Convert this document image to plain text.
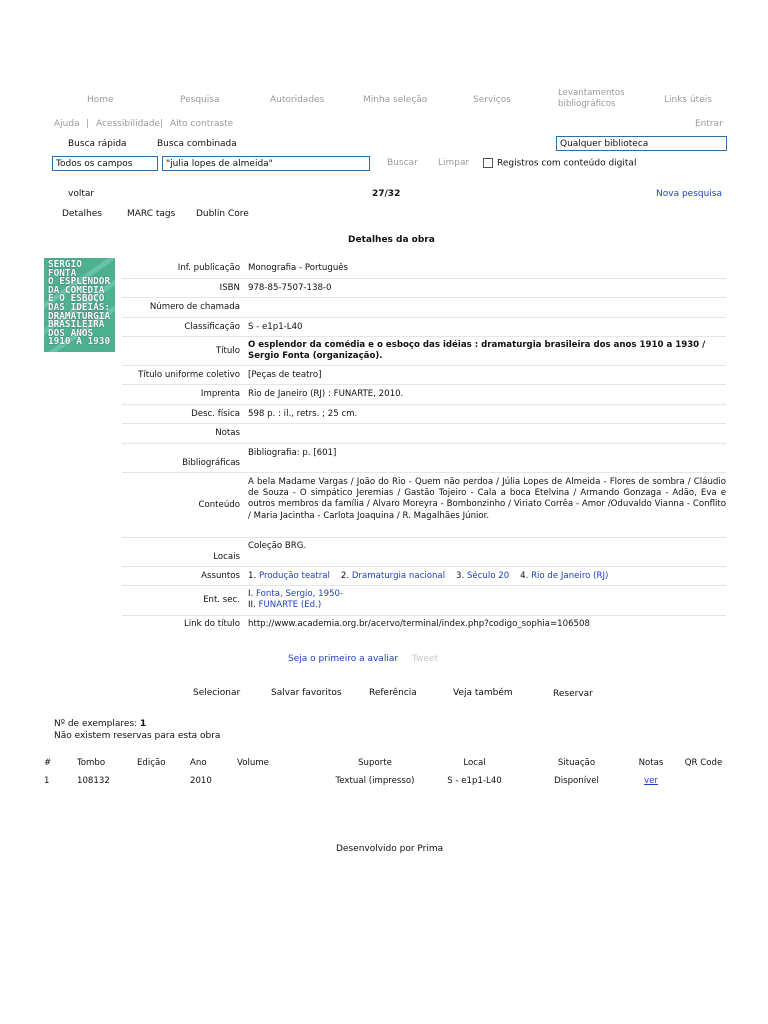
Home	Pesquisa	Autoridades	Minha seleção	Serviços
Levantamentos bibliográficos	Links úteis
Ajuda | Acessibilidade | Alto contraste	Entrar
Busca rápida	Busca combinada	Qualquer biblioteca
Todos os campos	"julia lopes de almeida"	Buscar Limpar	Registros com conteúdo digital
voltar	27/32	Nova pesquisa
Detalhes	MARC tags Dublin Core
Detalhes da obra
SERGIO
FONTA
O ESPLENDOR
DA COMÉDIA
E O ESBOÇO
DAS IDEIAS:
DRAMATURGIA
BRASILEIRA
DOS ANOS
1910 A 1930
Inf. publicação	Monografia - Português
ISBN	978-85-7507-138-0
Número de chamada	
Classificação	S - e1p1-L40
Título	O esplendor da comédia e o esboço das idéias : dramaturgia brasileira dos anos 1910 a 1930 / Sergio Fonta (organização).
Título uniforme coletivo	[Peças de teatro]
Imprenta	Rio de Janeiro (RJ) : FUNARTE, 2010.
Desc. física	598 p. : il., retrs. ; 25 cm.
Notas	
Bibliográficas	Bibliografia: p. [601]
Conteúdo	A bela Madame Vargas / João do Rio - Quem não perdoa / Júlia Lopes de Almeida - Flores de sombra / Cláudio de Souza - O simpático Jeremias / Gastão Tojeiro - Cala a boca Etelvina / Armando Gonzaga - Adão, Eva e outros membros da família / Alvaro Moreyra - Bombonzinho / Viriato Corrêa - Amor /Oduvaldo Vianna - Conflito / Maria Jacintha - Carlota Joaquina / R. Magalhães Júnior.
Locais	Coleção BRG.
Assuntos	1. Produção teatral 2. Dramaturgia nacional 3. Século 20 4. Rio de Janeiro (RJ)
Ent. sec.	I. Fonta, Sergio, 1950-
II. FUNARTE (Ed.)
Link do título	http://www.academia.org.br/acervo/terminal/index.php?codigo_sophia=106508
Seja o primeiro a avaliar Tweet
Selecionar	Salvar favoritos	Referência	Veja também	Reservar
Nº de exemplares: 1
Não existem reservas para esta obra
#	Tombo	Edição	Ano	Volume	Suporte	Local	Situação	Notas	QR Code
1	108132		2010		Textual (impresso)	S - e1p1-L40	Disponível	ver	
Desenvolvido por Prima
